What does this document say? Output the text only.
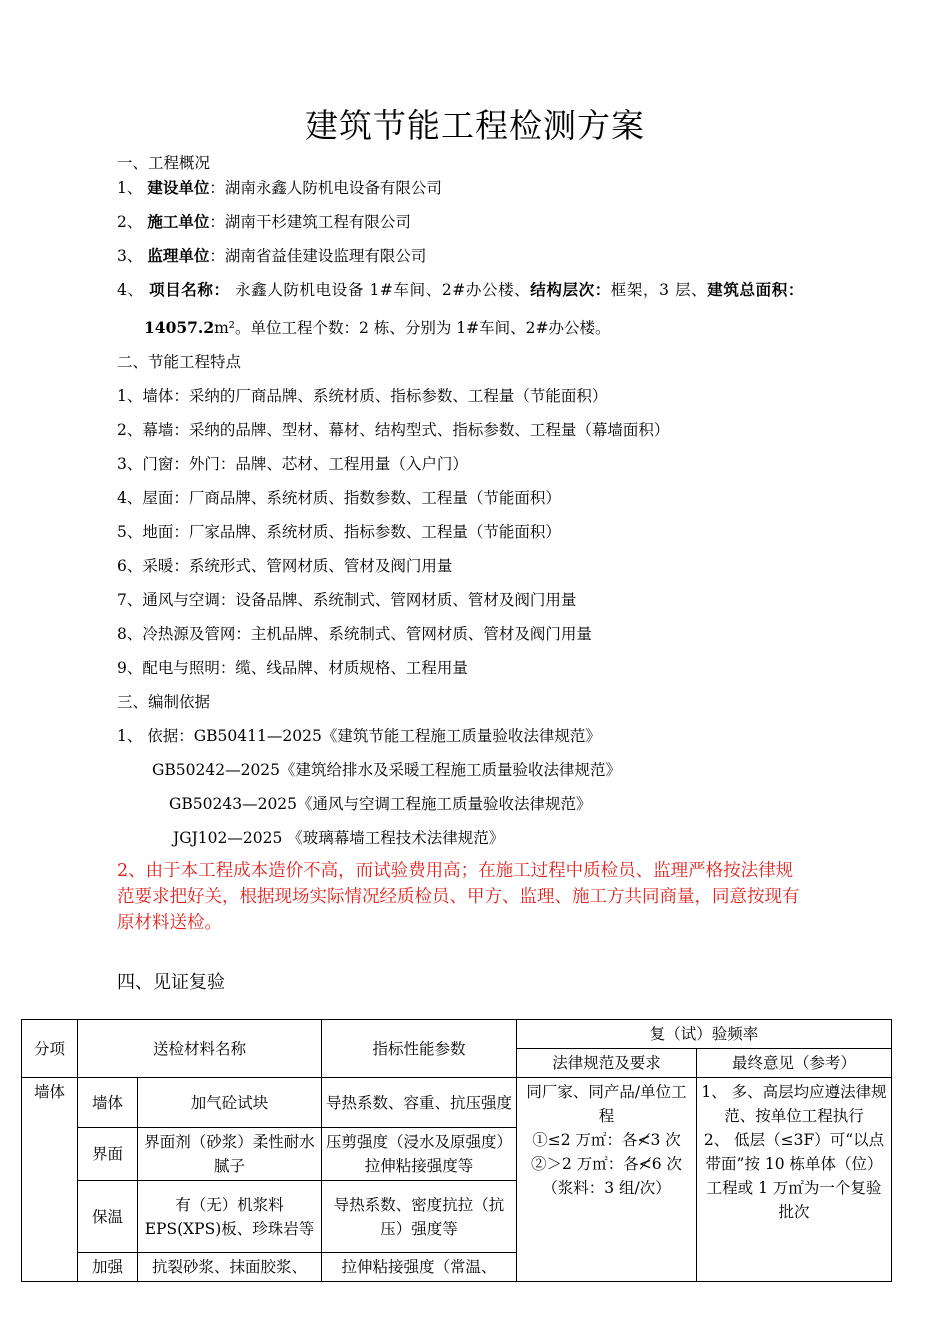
建筑节能工程检测方案
一、工程概况
1、 建设单位：湖南永鑫人防机电设备有限公司
2、 施工单位：湖南干杉建筑工程有限公司
3、 监理单位：湖南省益佳建设监理有限公司
4、 项目名称： 永鑫人防机电设备 1#车间、2#办公楼、结构层次：框架，3 层、建筑总面积：
14057.2m²。单位工程个数：2 栋、分别为 1#车间、2#办公楼。
二、节能工程特点
1、墙体：采纳的厂商品牌、系统材质、指标参数、工程量（节能面积）
2、幕墙：采纳的品牌、型材、幕材、结构型式、指标参数、工程量（幕墙面积）
3、门窗：外门：品牌、芯材、工程用量（入户门）
4、屋面：厂商品牌、系统材质、指数参数、工程量（节能面积）
5、地面：厂家品牌、系统材质、指标参数、工程量（节能面积）
6、采暖：系统形式、管网材质、管材及阀门用量
7、通风与空调：设备品牌、系统制式、管网材质、管材及阀门用量
8、冷热源及管网：主机品牌、系统制式、管网材质、管材及阀门用量
9、配电与照明：缆、线品牌、材质规格、工程用量
三、编制依据
1、 依据：GB50411—2025《建筑节能工程施工质量验收法律规范》
GB50242—2025《建筑给排水及采暖工程施工质量验收法律规范》
GB50243—2025《通风与空调工程施工质量验收法律规范》
JGJ102—2025 《玻璃幕墙工程技术法律规范》
2、由于本工程成本造价不高，而试验费用高；在施工过程中质检员、监理严格按法律规
范要求把好关，根据现场实际情况经质检员、甲方、监理、施工方共同商量，同意按现有
原材料送检。
四、见证复验
分项	送检材料名称		指标性能参数	复（试）验频率	
				法律规范及要求	最终意见（参考）
墙体	墙体	加气砼试块	导热系数、容重、抗压强度	同厂家、同产品/单位工程
①≤2 万㎡：各≮3 次
②＞2 万㎡：各≮6 次
（浆料：3 组/次）	1、 多、高层均应遵法律规范、按单位工程执行
2、 低层（≤3F）可“以点带面”按 10 栋单体（位）工程或 1 万㎡为一个复验批次

	界面	界面剂（砂浆）柔性耐水腻子	压剪强度（浸水及原强度）拉伸粘接强度等		
	保温	有（无）机浆料 EPS(XPS)板、珍珠岩等	导热系数、密度抗拉（抗压）强度等		
	加强	抗裂砂浆、抹面胶浆、	拉伸粘接强度（常温、		
